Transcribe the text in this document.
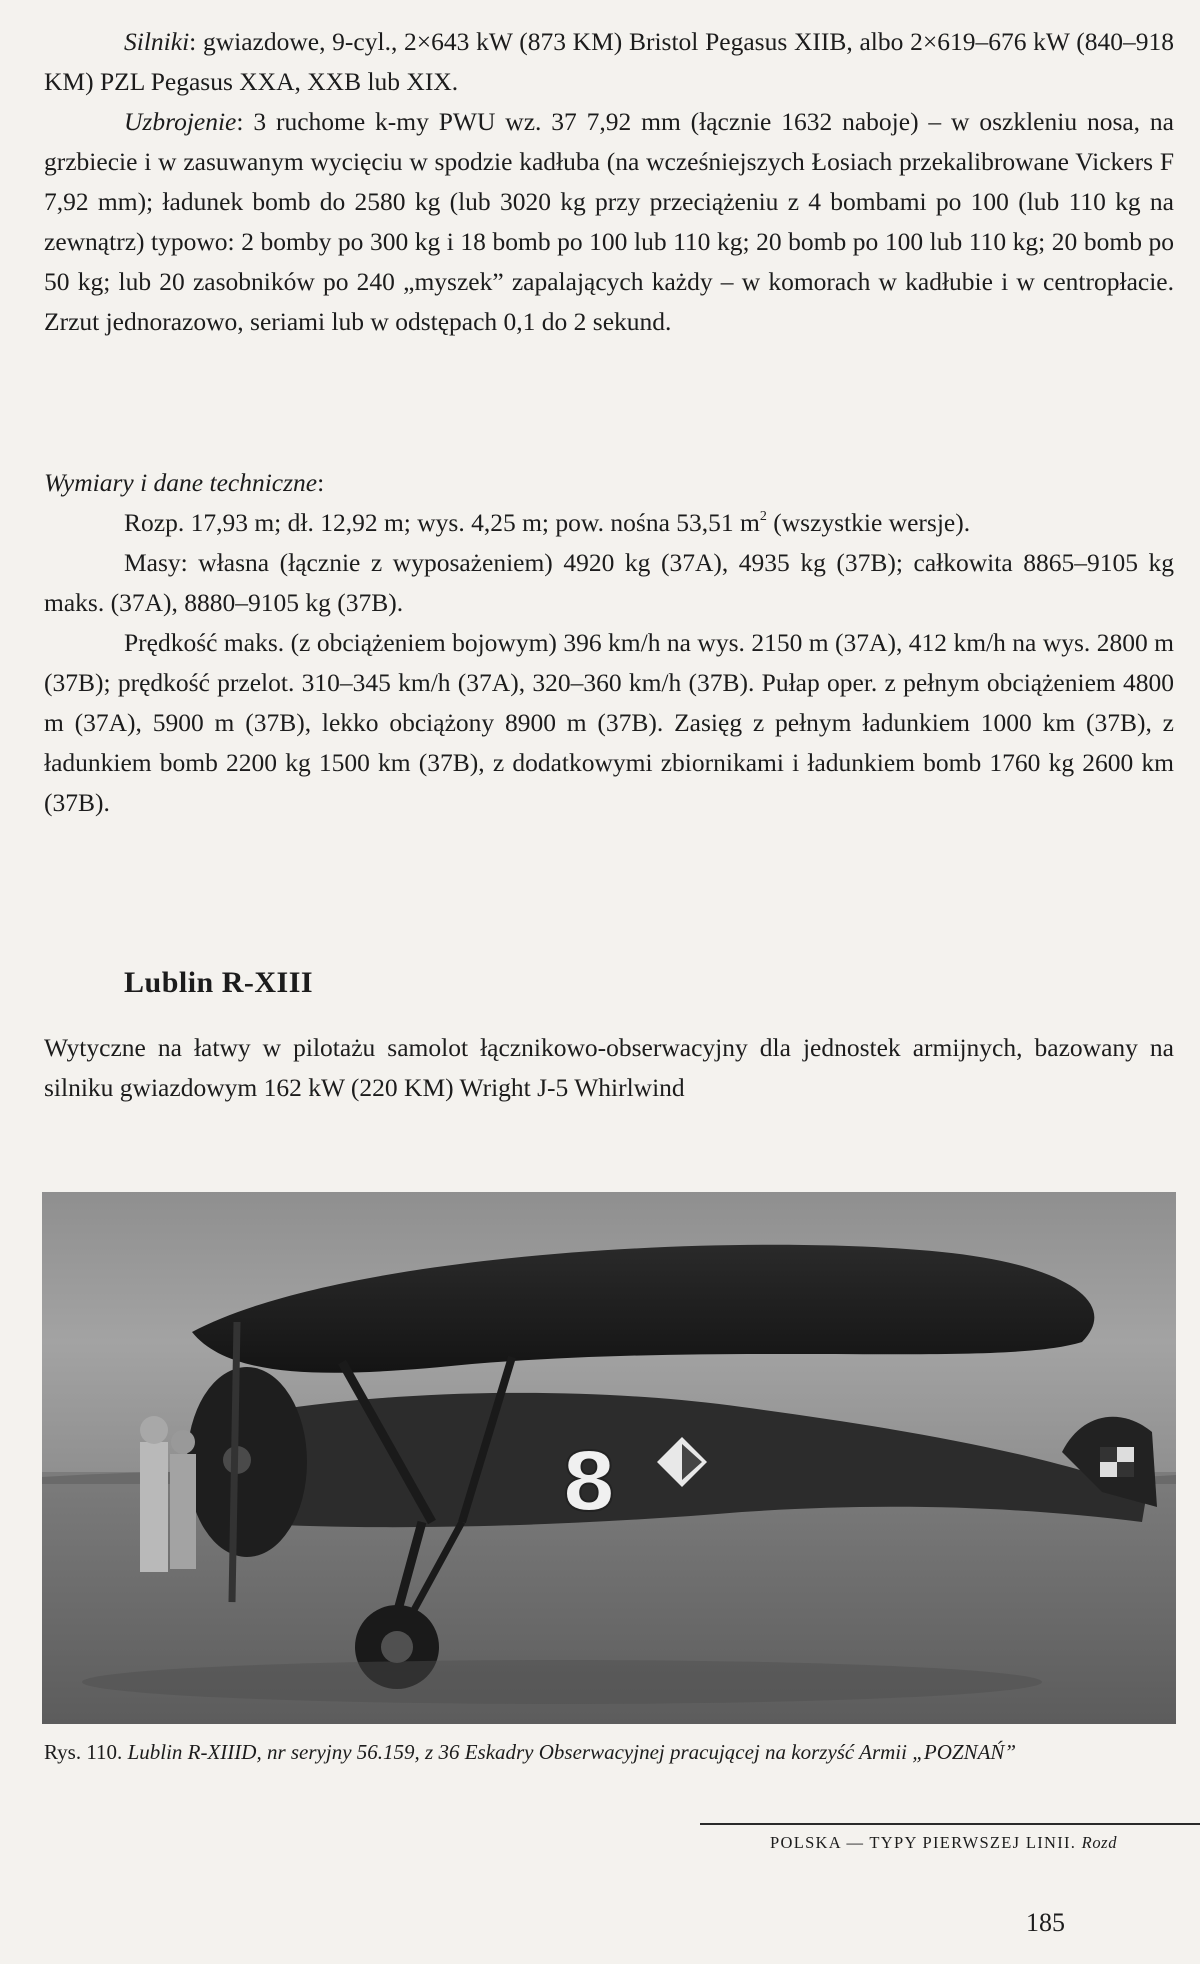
Silniki: gwiazdowe, 9-cyl., 2×643 kW (873 KM) Bristol Pegasus XIIB, albo 2×619–676 kW (840–918 KM) PZL Pegasus XXA, XXB lub XIX.

Uzbrojenie: 3 ruchome k-my PWU wz. 37 7,92 mm (łącznie 1632 naboje) – w oszkleniu nosa, na grzbiecie i w zasuwanym wycięciu w spodzie kadłuba (na wcześniejszych Łosiach przekalibrowane Vickers F 7,92 mm); ładunek bomb do 2580 kg (lub 3020 kg przy przeciążeniu z 4 bombami po 100 (lub 110 kg na zewnątrz) typowo: 2 bomby po 300 kg i 18 bomb po 100 lub 110 kg; 20 bomb po 100 lub 110 kg; 20 bomb po 50 kg; lub 20 zasobników po 240 „myszek” zapalających każdy – w komorach w kadłubie i w centropłacie. Zrzut jednorazowo, seriami lub w odstępach 0,1 do 2 sekund.

Wymiary i dane techniczne:

Rozp. 17,93 m; dł. 12,92 m; wys. 4,25 m; pow. nośna 53,51 $m^2$ (wszystkie wersje).

Masy: własna (łącznie z wyposażeniem) 4920 kg (37A), 4935 kg (37B); całkowita 8865–9105 kg maks. (37A), 8880–9105 kg (37B).

Prędkość maks. (z obciążeniem bojowym) 396 km/h na wys. 2150 m (37A), 412 km/h na wys. 2800 m (37B); prędkość przelot. 310–345 km/h (37A), 320–360 km/h (37B). Pułap oper. z pełnym obciążeniem 4800 m (37A), 5900 m (37B), lekko obciążony 8900 m (37B). Zasięg z pełnym ładunkiem 1000 km (37B), z ładunkiem bomb 2200 kg 1500 km (37B), z dodatkowymi zbiornikami i ładunkiem bomb 1760 kg 2600 km (37B).

Lublin R-XIII

Wytyczne na łatwy w pilotażu samolot łącznikowo-obserwacyjny dla jednostek armijnych, bazowany na silniku gwiazdowym 162 kW (220 KM) Wright J-5 Whirlwind

8
Rys. 110. Lublin R-XIIID, nr seryjny 56.159, z 36 Eskadry Obserwacyjnej pracującej na korzyść Armii „POZNAŃ”
POLSKA — TYPY PIERWSZEJ LINII. Rozd
185
